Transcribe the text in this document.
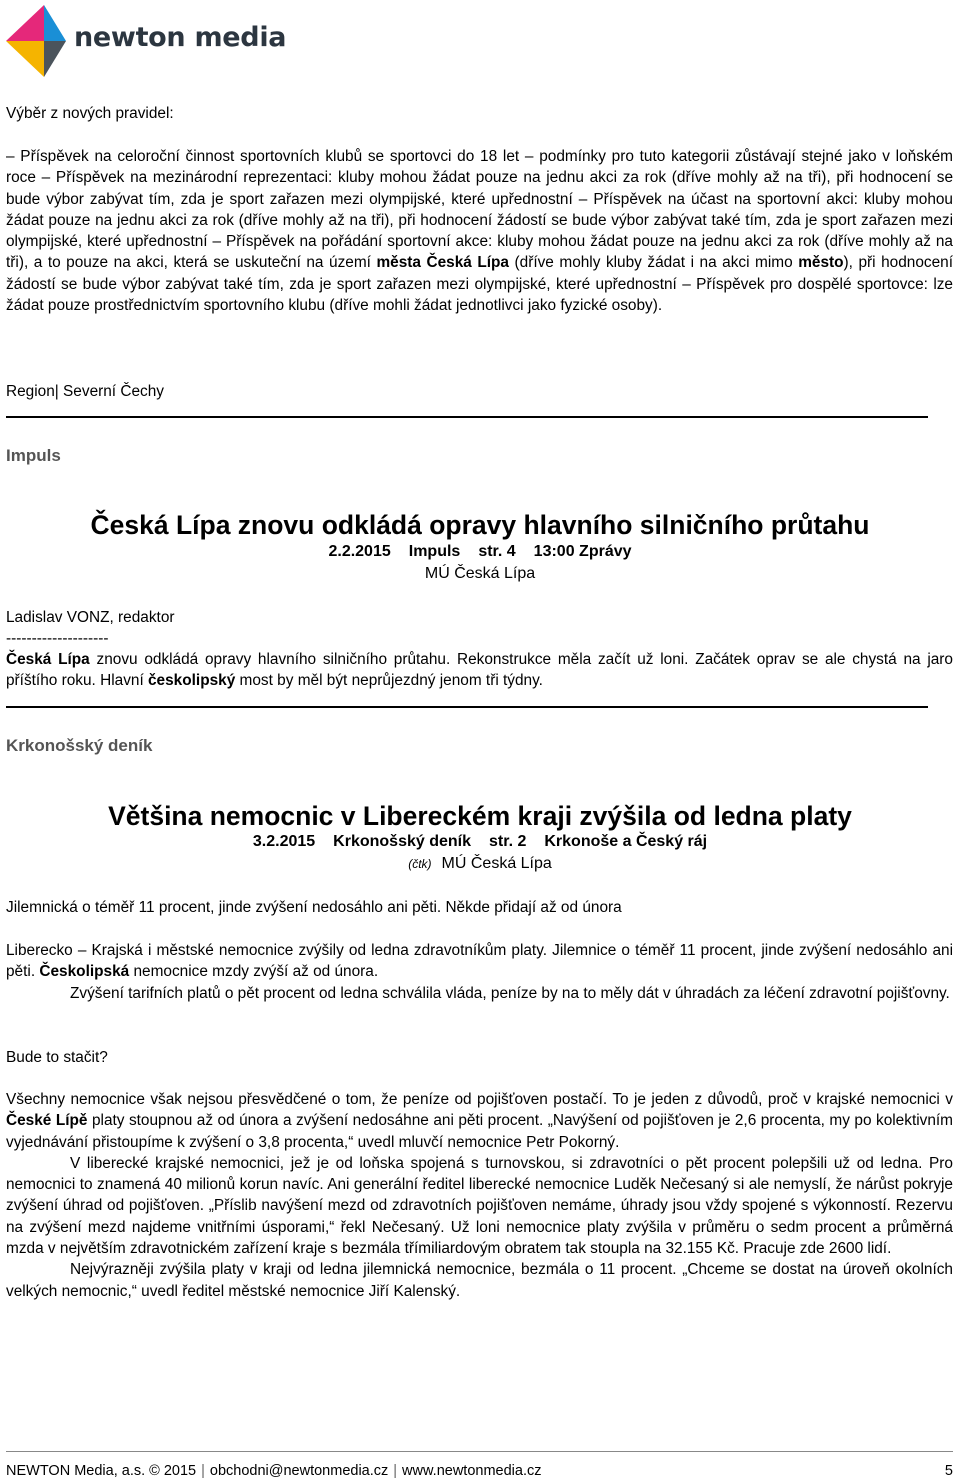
newton media

Výběr z nových pravidel:

– Příspěvek na celoroční činnost sportovních klubů se sportovci do 18 let – podmínky pro tuto kategorii zůstávají stejné jako v loňském roce – Příspěvek na mezinárodní reprezentaci: kluby mohou žádat pouze na jednu akci za rok (dříve mohly až na tři), při hodnocení se bude výbor zabývat tím, zda je sport zařazen mezi olympijské, které upřednostní – Příspěvek na účast na sportovní akci: kluby mohou žádat pouze na jednu akci za rok (dříve mohly až na tři), při hodnocení žádostí se bude výbor zabývat také tím, zda je sport zařazen mezi olympijské, které upřednostní – Příspěvek na pořádání sportovní akce: kluby mohou žádat pouze na jednu akci za rok (dříve mohly až na tři), a to pouze na akci, která se uskuteční na území města Česká Lípa (dříve mohly kluby žádat i na akci mimo město), při hodnocení žádostí se bude výbor zabývat také tím, zda je sport zařazen mezi olympijské, které upřednostní – Příspěvek pro dospělé sportovce: lze žádat pouze prostřednictvím sportovního klubu (dříve mohli žádat jednotlivci jako fyzické osoby).

Region| Severní Čechy

Impuls
Česká Lípa znovu odkládá opravy hlavního silničního průtahu
2.2.2015 Impuls str. 4 13:00 Zprávy
MÚ Česká Lípa

Ladislav VONZ, redaktor

--------------------

Česká Lípa znovu odkládá opravy hlavního silničního průtahu. Rekonstrukce měla začít už loni. Začátek oprav se ale chystá na jaro příštího roku. Hlavní českolipský most by měl být neprůjezdný jenom tři týdny.

Krkonošský deník
Většina nemocnic v Libereckém kraji zvýšila od ledna platy
3.2.2015 Krkonošský deník str. 2 Krkonoše a Český ráj
(čtk) MÚ Česká Lípa

Jilemnická o téměř 11 procent, jinde zvýšení nedosáhlo ani pěti. Někde přidají až od února

Liberecko – Krajská i městské nemocnice zvýšily od ledna zdravotníkům platy. Jilemnice o téměř 11 procent, jinde zvýšení nedosáhlo ani pěti. Českolipská nemocnice mzdy zvýší až od února.

Zvýšení tarifních platů o pět procent od ledna schválila vláda, peníze by na to měly dát v úhradách za léčení zdravotní pojišťovny.

Bude to stačit?

Všechny nemocnice však nejsou přesvědčené o tom, že peníze od pojišťoven postačí. To je jeden z důvodů, proč v krajské nemocnici v České Lípě platy stoupnou až od února a zvýšení nedosáhne ani pěti procent. „Navýšení od pojišťoven je 2,6 procenta, my po kolektivním vyjednávání přistoupíme k zvýšení o 3,8 procenta,“ uvedl mluvčí nemocnice Petr Pokorný.

V liberecké krajské nemocnici, jež je od loňska spojená s turnovskou, si zdravotníci o pět procent polepšili už od ledna. Pro nemocnici to znamená 40 milionů korun navíc. Ani generální ředitel liberecké nemocnice Luděk Nečesaný si ale nemyslí, že nárůst pokryje zvýšení úhrad od pojišťoven. „Příslib navýšení mezd od zdravotních pojišťoven nemáme, úhrady jsou vždy spojené s výkonností. Rezervu na zvýšení mezd najdeme vnitřními úsporami,“ řekl Nečesaný. Už loni nemocnice platy zvýšila v průměru o sedm procent a průměrná mzda v největším zdravotnickém zařízení kraje s bezmála třímiliardovým obratem tak stoupla na 32.155 Kč. Pracuje zde 2600 lidí.

Nejvýrazněji zvýšila platy v kraji od ledna jilemnická nemocnice, bezmála o 11 procent. „Chceme se dostat na úroveň okolních velkých nemocnic,“ uvedl ředitel městské nemocnice Jiří Kalenský.

NEWTON Media, a.s. © 2015 | obchodni@newtonmedia.cz | www.newtonmedia.cz	5
